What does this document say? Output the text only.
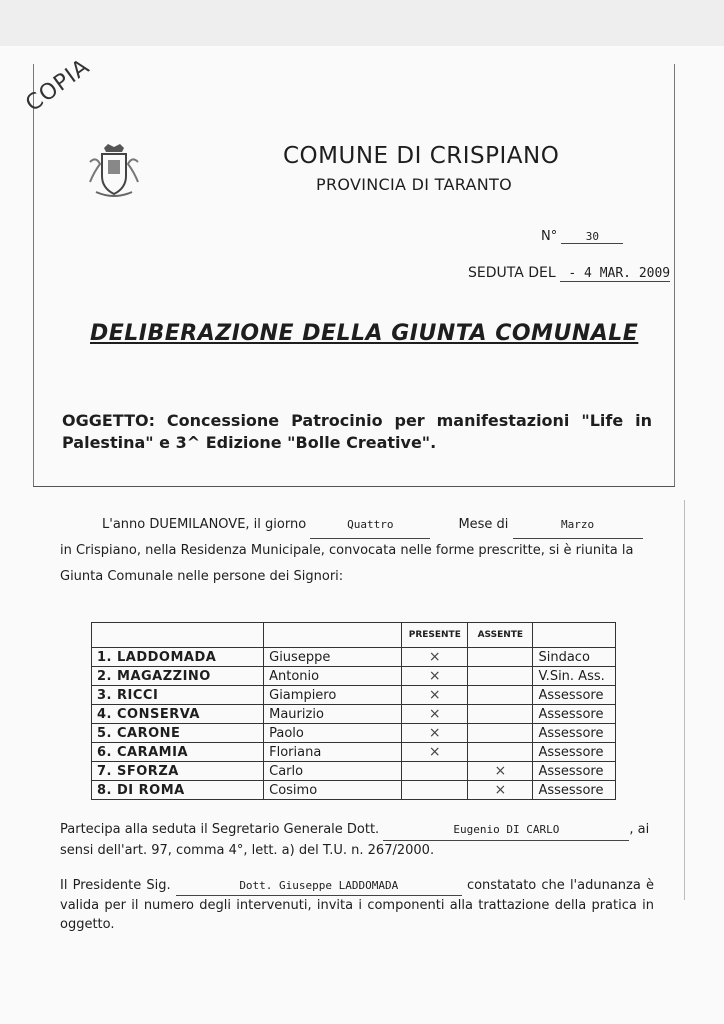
COPIA
COMUNE DI CRISPIANO
PROVINCIA DI TARANTO
N°	30
SEDUTA DEL - 4 MAR. 2009
DELIBERAZIONE DELLA GIUNTA COMUNALE
OGGETTO: Concessione Patrocinio per manifestazioni "Life in Palestina" e 3^ Edizione "Bolle Creative".
L'anno DUEMILANOVE, il giorno	Quattro	Mese di	Marzo
in Crispiano, nella Residenza Municipale, convocata nelle forme prescritte, si è riunita la
Giunta Comunale nelle persone dei Signori:
		PRESENTE	ASSENTE	
1. LADDOMADA	Giuseppe	×		Sindaco
2. MAGAZZINO	Antonio	×		V.Sin. Ass.
3. RICCI	Giampiero	×		Assessore
4. CONSERVA	Maurizio	×		Assessore
5. CARONE	Paolo	×		Assessore
6. CARAMIA	Floriana	×		Assessore
7. SFORZA	Carlo		×	Assessore
8. DI ROMA	Cosimo		×	Assessore
Partecipa alla seduta il Segretario Generale Dott.	Eugenio DI CARLO	, ai sensi dell'art. 97, comma 4°, lett. a) del T.U. n. 267/2000.
Il Presidente Sig.	Dott. Giuseppe LADDOMADA	constatato che l'adunanza è valida per il numero degli intervenuti, invita i componenti alla trattazione della pratica in oggetto.
